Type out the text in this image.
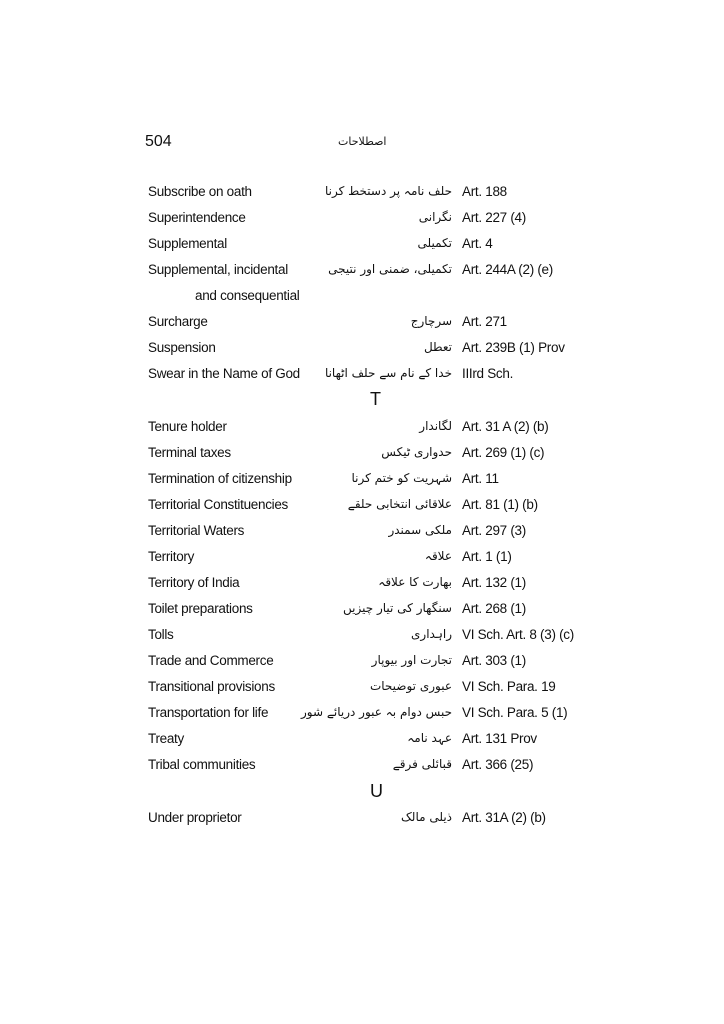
504	اصطلاحات
Subscribe on oath	حلف نامہ پر دستخط کرنا Art. 188
Superintendence	نگرانی Art. 227 (4)
Supplemental	تکمیلی Art. 4
Supplemental, incidental	تکمیلی، ضمنی اور نتیجی Art. 244A (2) (e)
and consequential
Surcharge	سرچارج Art. 271
Suspension	تعطل Art. 239B (1) Prov
Swear in the Name of God خدا کے نام سے حلف اٹھانا IIIrd Sch.
T
Tenure holder	لگاندار Art. 31 A (2) (b)
Terminal taxes	حدواری ٹیکس Art. 269 (1) (c)
Termination of citizenship	شہریت کو ختم کرنا Art. 11
Territorial Constituencies	علاقائی انتخابی حلقے Art. 81 (1) (b)
Territorial Waters	ملکی سمندر Art. 297 (3)
Territory	علاقہ Art. 1 (1)
Territory of India	بھارت کا علاقہ Art. 132 (1)
Toilet preparations	سنگھار کی تیار چیزیں Art. 268 (1)
Tolls	راہداری VI Sch. Art. 8 (3) (c)
Trade and Commerce	تجارت اور بیوپار Art. 303 (1)
Transitional provisions	عبوری توضیحات VI Sch. Para. 19
Transportation for life	حبس دوام بہ عبور دریائے شور VI Sch. Para. 5 (1)
Treaty	عہد نامہ Art. 131 Prov
Tribal communities	قبائلی فرقے Art. 366 (25)
U
Under proprietor	ذیلی مالک Art. 31A (2) (b)
